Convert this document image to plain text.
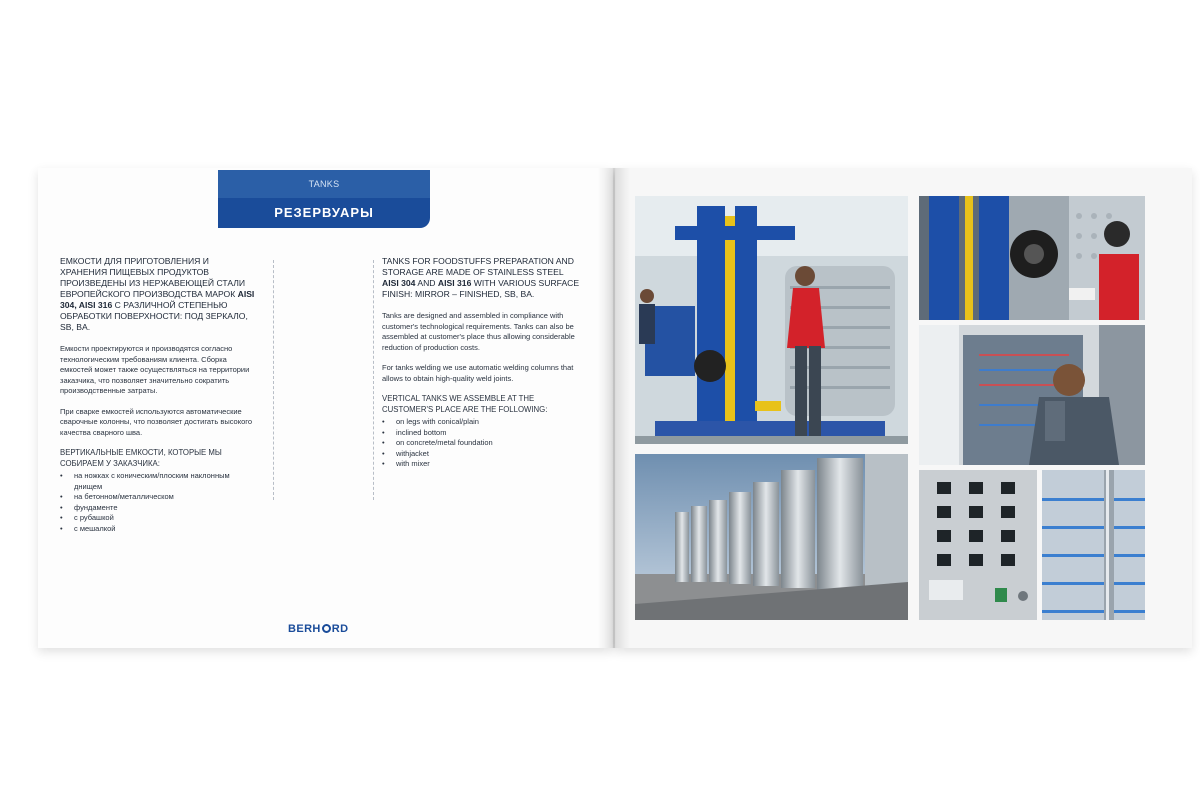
TANKS
РЕЗЕРВУАРЫ
ЕМКОСТИ ДЛЯ ПРИГОТОВЛЕНИЯ И ХРАНЕНИЯ ПИЩЕВЫХ ПРОДУКТОВ ПРОИЗВЕДЕНЫ ИЗ НЕРЖАВЕЮЩЕЙ СТАЛИ ЕВРОПЕЙСКОГО ПРОИЗВОДСТВА МАРОК AISI 304, AISI 316 С РАЗЛИЧНОЙ СТЕПЕНЬЮ ОБРАБОТКИ ПОВЕРХНОСТИ: ПОД ЗЕРКАЛО, SB, BA.

Емкости проектируются и производятся согласно технологическим требованиям клиента. Сборка емкостей может также осуществляться на территории заказчика, что позволяет значительно сократить производственные затраты.

При сварке емкостей используются автоматические сварочные колонны, что позволяет достигать высокого качества сварного шва.

ВЕРТИКАЛЬНЫЕ ЕМКОСТИ, КОТОРЫЕ МЫ СОБИРАЕМ У ЗАКАЗЧИКА:
• на ножках с коническим/плоским наклонным днищем
• на бетонном/металлическом
• фундаменте
• с рубашкой
• с мешалкой
TANKS FOR FOODSTUFFS PREPARATION AND STORAGE ARE MADE OF STAINLESS STEEL AISI 304 AND AISI 316 WITH VARIOUS SURFACE FINISH: MIRROR – FINISHED, SB, BA.

Tanks are designed and assembled in compliance with customer's technological requirements. Tanks can also be assembled at customer's place thus allowing considerable reduction of production costs.

For tanks welding we use automatic welding columns that allows to obtain high-quality weld joints.

VERTICAL TANKS WE ASSEMBLE AT THE CUSTOMER'S PLACE ARE THE FOLLOWING:
• on legs with conical/plain
• inclined bottom
• on concrete/metal foundation
• withjacket
• with mixer
BERH RD
